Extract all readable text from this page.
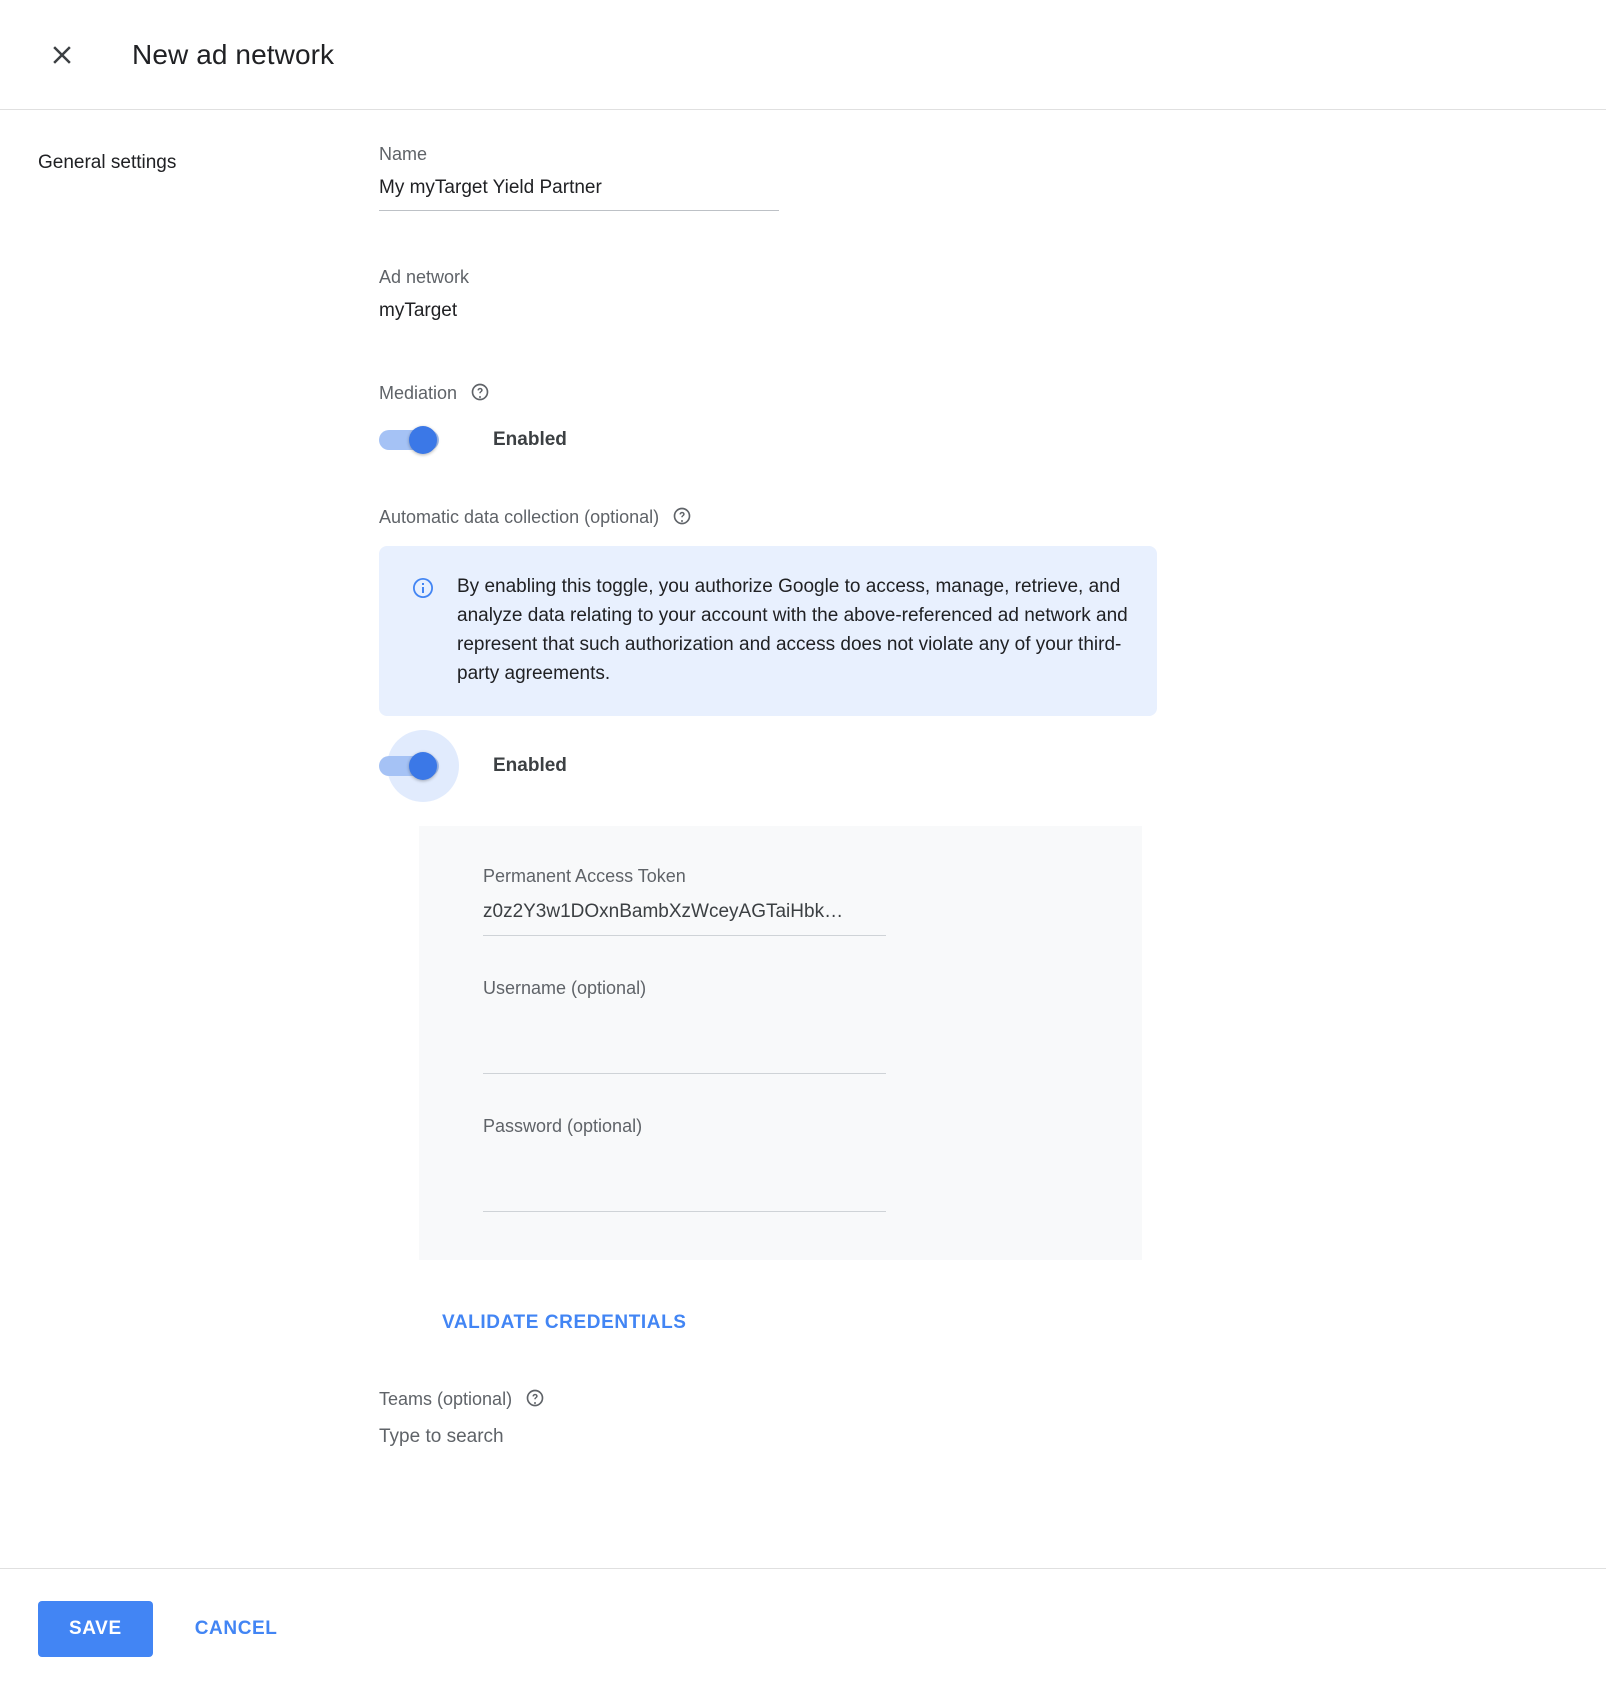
New ad network
General settings	Name
My myTarget Yield Partner
Ad network
myTarget
Mediation
Enabled
Automatic data collection (optional)
By enabling this toggle, you authorize Google to access, manage, retrieve, and analyze data relating to your account with the above-referenced ad network and represent that such authorization and access does not violate any of your third-party agreements.
Enabled
Permanent Access Token
z0z2Y3w1DOxnBambXzWceyAGTaiHbk…
Username (optional)
Password (optional)
VALIDATE CREDENTIALS
Teams (optional)
Type to search
SAVE	CANCEL
